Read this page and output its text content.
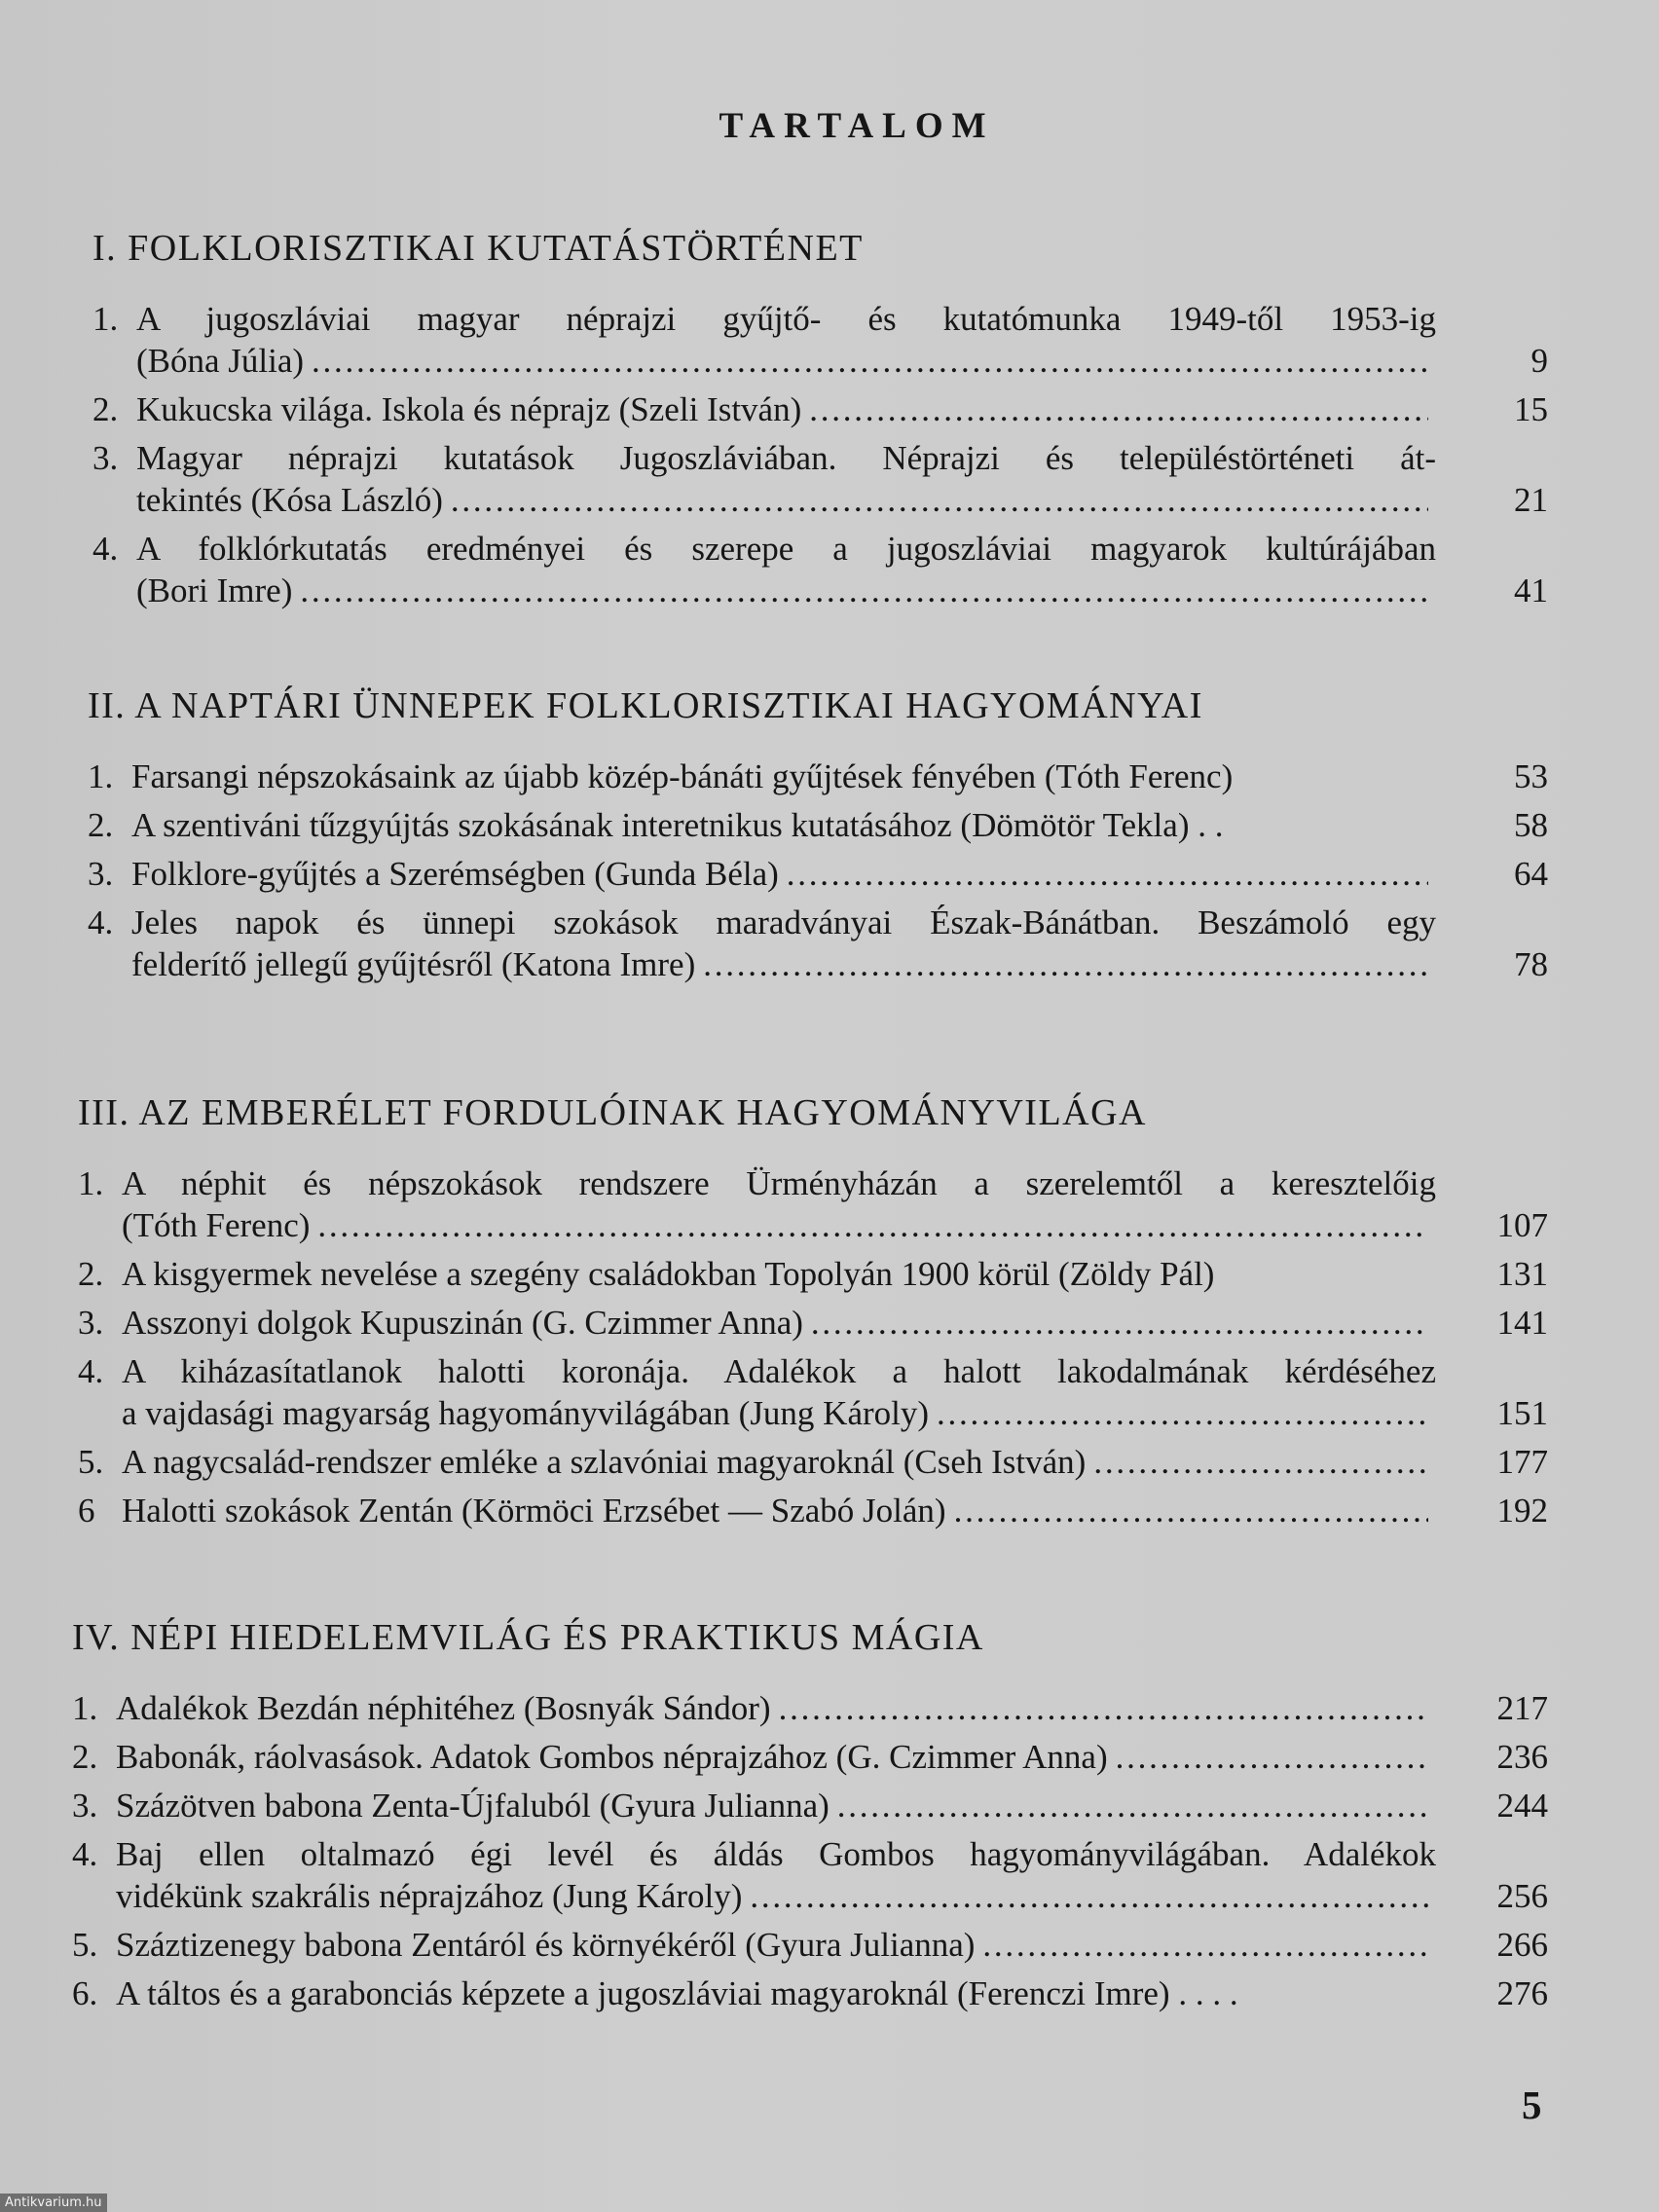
TARTALOM
I. FOLKLORISZTIKAI KUTATÁSTÖRTÉNET
1. A jugoszláviai magyar néprajzi gyűjtő- és kutatómunka 1949-től 1953-ig
(Bóna Júlia) . . .	9
2. Kukucska világa. Iskola és néprajz (Szeli István) . . .	15
3. Magyar néprajzi kutatások Jugoszláviában. Néprajzi és településtörténeti át-
tekintés (Kósa László) . . .	21
4. A folklórkutatás eredményei és szerepe a jugoszláviai magyarok kultúrájában
(Bori Imre) . . .	41
II. A NAPTÁRI ÜNNEPEK FOLKLORISZTIKAI HAGYOMÁNYAI
1. Farsangi népszokásaink az újabb közép-bánáti gyűjtések fényében (Tóth Ferenc)	53
2. A szentiváni tűzgyújtás szokásának interetnikus kutatásához (Dömötör Tekla) . .	58
3. Folklore-gyűjtés a Szerémségben (Gunda Béla) . . .	64
4. Jeles napok és ünnepi szokások maradványai Észak-Bánátban. Beszámoló egy
felderítő jellegű gyűjtésről (Katona Imre) . . .	78
III. AZ EMBERÉLET FORDULÓINAK HAGYOMÁNYVILÁGA
1. A néphit és népszokások rendszere Ürményházán a szerelemtől a keresztelőig
(Tóth Ferenc) . . .	107
2. A kisgyermek nevelése a szegény családokban Topolyán 1900 körül (Zöldy Pál)	131
3. Asszonyi dolgok Kupuszinán (G. Czimmer Anna) . . .	141
4. A kiházasítatlanok halotti koronája. Adalékok a halott lakodalmának kérdéséhez
a vajdasági magyarság hagyományvilágában (Jung Károly) . . .	151
5. A nagycsalád-rendszer emléke a szlavóniai magyaroknál (Cseh István) . . .	177
6 Halotti szokások Zentán (Körmöci Erzsébet — Szabó Jolán) . . .	192
IV. NÉPI HIEDELEMVILÁG ÉS PRAKTIKUS MÁGIA
1. Adalékok Bezdán néphitéhez (Bosnyák Sándor) . . .	217
2. Babonák, ráolvasások. Adatok Gombos néprajzához (G. Czimmer Anna) . . .	236
3. Százötven babona Zenta-Újfaluból (Gyura Julianna) . . .	244
4. Baj ellen oltalmazó égi levél és áldás Gombos hagyományvilágában. Adalékok
vidékünk szakrális néprajzához (Jung Károly) . . .	256
5. Száztizenegy babona Zentáról és környékéről (Gyura Julianna) . . .	266
6. A táltos és a garabonciás képzete a jugoszláviai magyaroknál (Ferenczi Imre) . . . .	276
5
Antikvarium.hu
